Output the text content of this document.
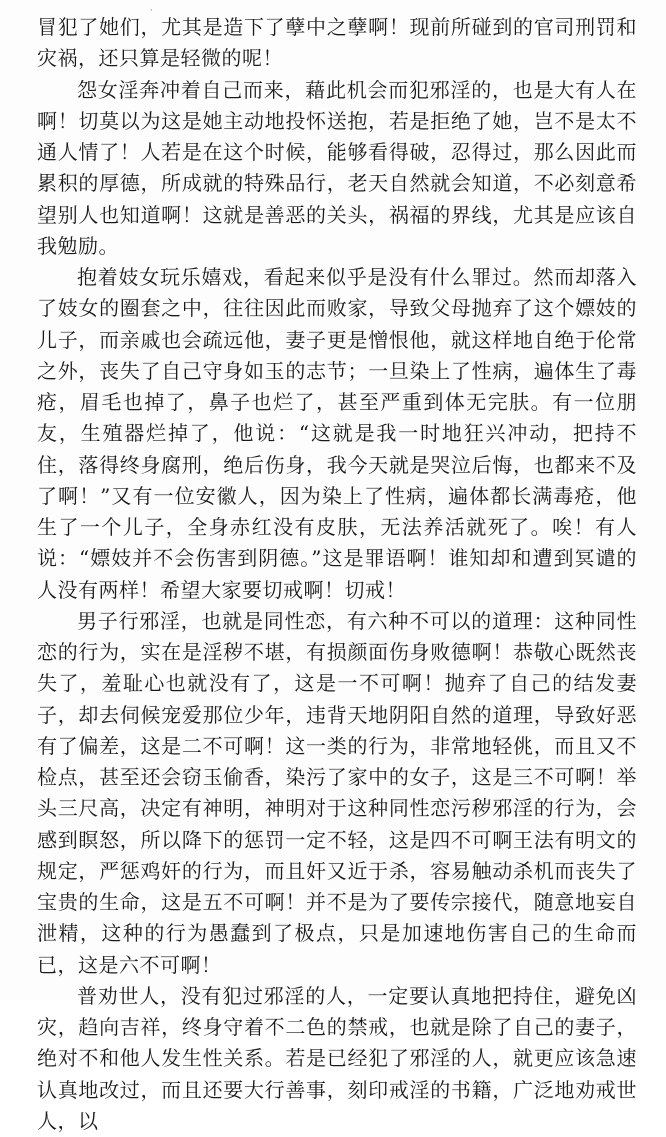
·

冒犯了她们，尤其是造下了孽中之孽啊！现前所碰到的官司刑罚和灾祸，还只算是轻微的呢！

怨女淫奔冲着自己而来，藉此机会而犯邪淫的，也是大有人在啊！切莫以为这是她主动地投怀送抱，若是拒绝了她，岂不是太不通人情了！人若是在这个时候，能够看得破，忍得过，那么因此而累积的厚德，所成就的特殊品行，老天自然就会知道，不必刻意希望别人也知道啊！这就是善恶的关头，祸福的界线，尤其是应该自我勉励。

抱着妓女玩乐嬉戏，看起来似乎是没有什么罪过。然而却落入了妓女的圈套之中，往往因此而败家，导致父母抛弃了这个嫖妓的儿子，而亲戚也会疏远他，妻子更是憎恨他，就这样地自绝于伦常之外，丧失了自己守身如玉的志节；一旦染上了性病，遍体生了毒疮，眉毛也掉了，鼻子也烂了，甚至严重到体无完肤。有一位朋友，生殖器烂掉了，他说：“这就是我一时地狂兴冲动，把持不住，落得终身腐刑，绝后伤身，我今天就是哭泣后悔，也都来不及了啊！”又有一位安徽人，因为染上了性病，遍体都长满毒疮，他生了一个儿子，全身赤红没有皮肤，无法养活就死了。唉！有人说：“嫖妓并不会伤害到阴德。”这是罪语啊！谁知却和遭到冥谴的人没有两样！希望大家要切戒啊！切戒！

男子行邪淫，也就是同性恋，有六种不可以的道理：这种同性恋的行为，实在是淫秽不堪，有损颜面伤身败德啊！恭敬心既然丧失了，羞耻心也就没有了，这是一不可啊！抛弃了自己的结发妻子，却去伺候宠爱那位少年，违背天地阴阳自然的道理，导致好恶有了偏差，这是二不可啊！这一类的行为，非常地轻佻，而且又不检点，甚至还会窃玉偷香，染污了家中的女子，这是三不可啊！举头三尺高，决定有神明，神明对于这种同性恋污秽邪淫的行为，会感到瞑怒，所以降下的惩罚一定不轻，这是四不可啊王法有明文的规定，严惩鸡奸的行为，而且奸又近于杀，容易触动杀机而丧失了宝贵的生命，这是五不可啊！并不是为了要传宗接代，随意地妄自泄精，这种的行为愚蠢到了极点，只是加速地伤害自己的生命而已，这是六不可啊！

普劝世人，没有犯过邪淫的人，一定要认真地把持住，避免凶灾，趋向吉祥，终身守着不二色的禁戒，也就是除了自己的妻子，绝对不和他人发生性关系。若是已经犯了邪淫的人，就更应该急速认真地改过，而且还要大行善事，刻印戒淫的书籍，广泛地劝戒世人，以
